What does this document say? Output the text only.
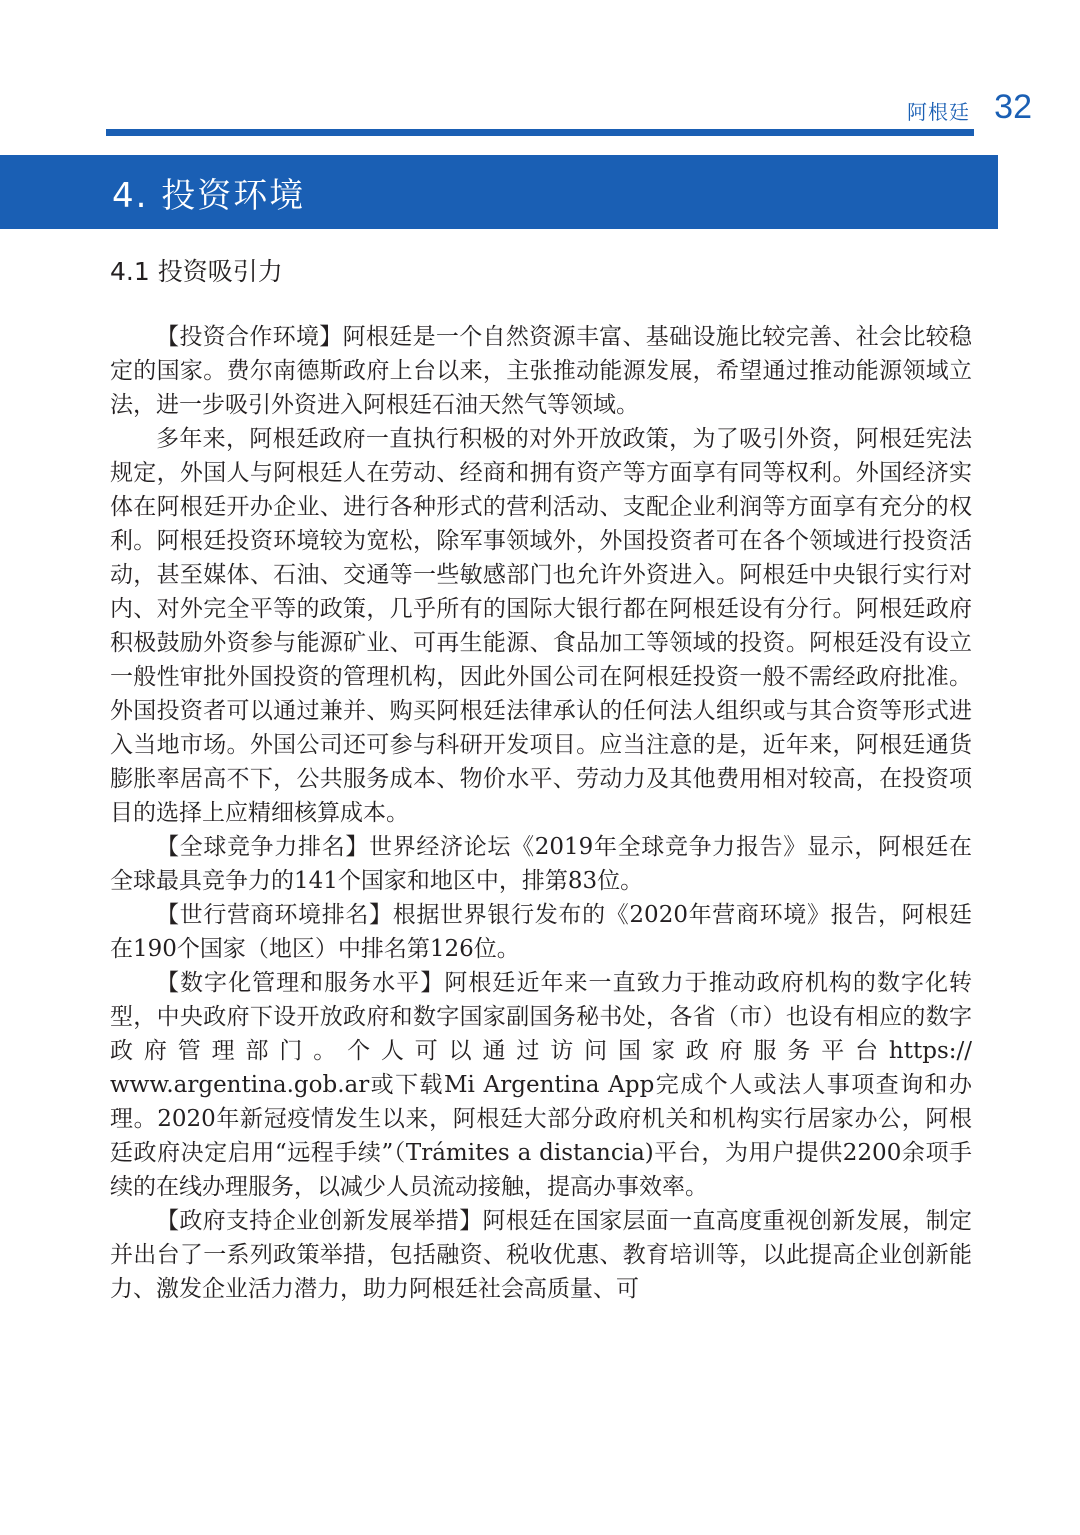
阿根廷 32
4. 投资环境
4.1 投资吸引力

【投资合作环境】阿根廷是一个自然资源丰富、基础设施比较完善、社会比较稳定的国家。费尔南德斯政府上台以来，主张推动能源发展，希望通过推动能源领域立法，进一步吸引外资进入阿根廷石油天然气等领域。

多年来，阿根廷政府一直执行积极的对外开放政策，为了吸引外资，阿根廷宪法规定，外国人与阿根廷人在劳动、经商和拥有资产等方面享有同等权利。外国经济实体在阿根廷开办企业、进行各种形式的营利活动、支配企业利润等方面享有充分的权利。阿根廷投资环境较为宽松，除军事领域外，外国投资者可在各个领域进行投资活动，甚至媒体、石油、交通等一些敏感部门也允许外资进入。阿根廷中央银行实行对内、对外完全平等的政策，几乎所有的国际大银行都在阿根廷设有分行。阿根廷政府积极鼓励外资参与能源矿业、可再生能源、食品加工等领域的投资。阿根廷没有设立一般性审批外国投资的管理机构，因此外国公司在阿根廷投资一般不需经政府批准。外国投资者可以通过兼并、购买阿根廷法律承认的任何法人组织或与其合资等形式进入当地市场。外国公司还可参与科研开发项目。应当注意的是，近年来，阿根廷通货膨胀率居高不下，公共服务成本、物价水平、劳动力及其他费用相对较高，在投资项目的选择上应精细核算成本。

【全球竞争力排名】世界经济论坛《2019年全球竞争力报告》显示，阿根廷在全球最具竞争力的141个国家和地区中，排第83位。

【世行营商环境排名】根据世界银行发布的《2020年营商环境》报告，阿根廷在190个国家（地区）中排名第126位。

【数字化管理和服务水平】阿根廷近年来一直致力于推动政府机构的数字化转型，中央政府下设开放政府和数字国家副国务秘书处，各省（市）也设有相应的数字政府管理部门。个人可以通过访问国家政府服务平台https:// www.argentina.gob.ar或下载Mi Argentina App完成个人或法人事项查询和办理。2020年新冠疫情发生以来，阿根廷大部分政府机关和机构实行居家办公，阿根廷政府决定启用“远程手续”（Trámites a distancia)平台，为用户提供2200余项手续的在线办理服务，以减少人员流动接触，提高办事效率。

【政府支持企业创新发展举措】阿根廷在国家层面一直高度重视创新发展，制定并出台了一系列政策举措，包括融资、税收优惠、教育培训等，以此提高企业创新能力、激发企业活力潜力，助力阿根廷社会高质量、可
